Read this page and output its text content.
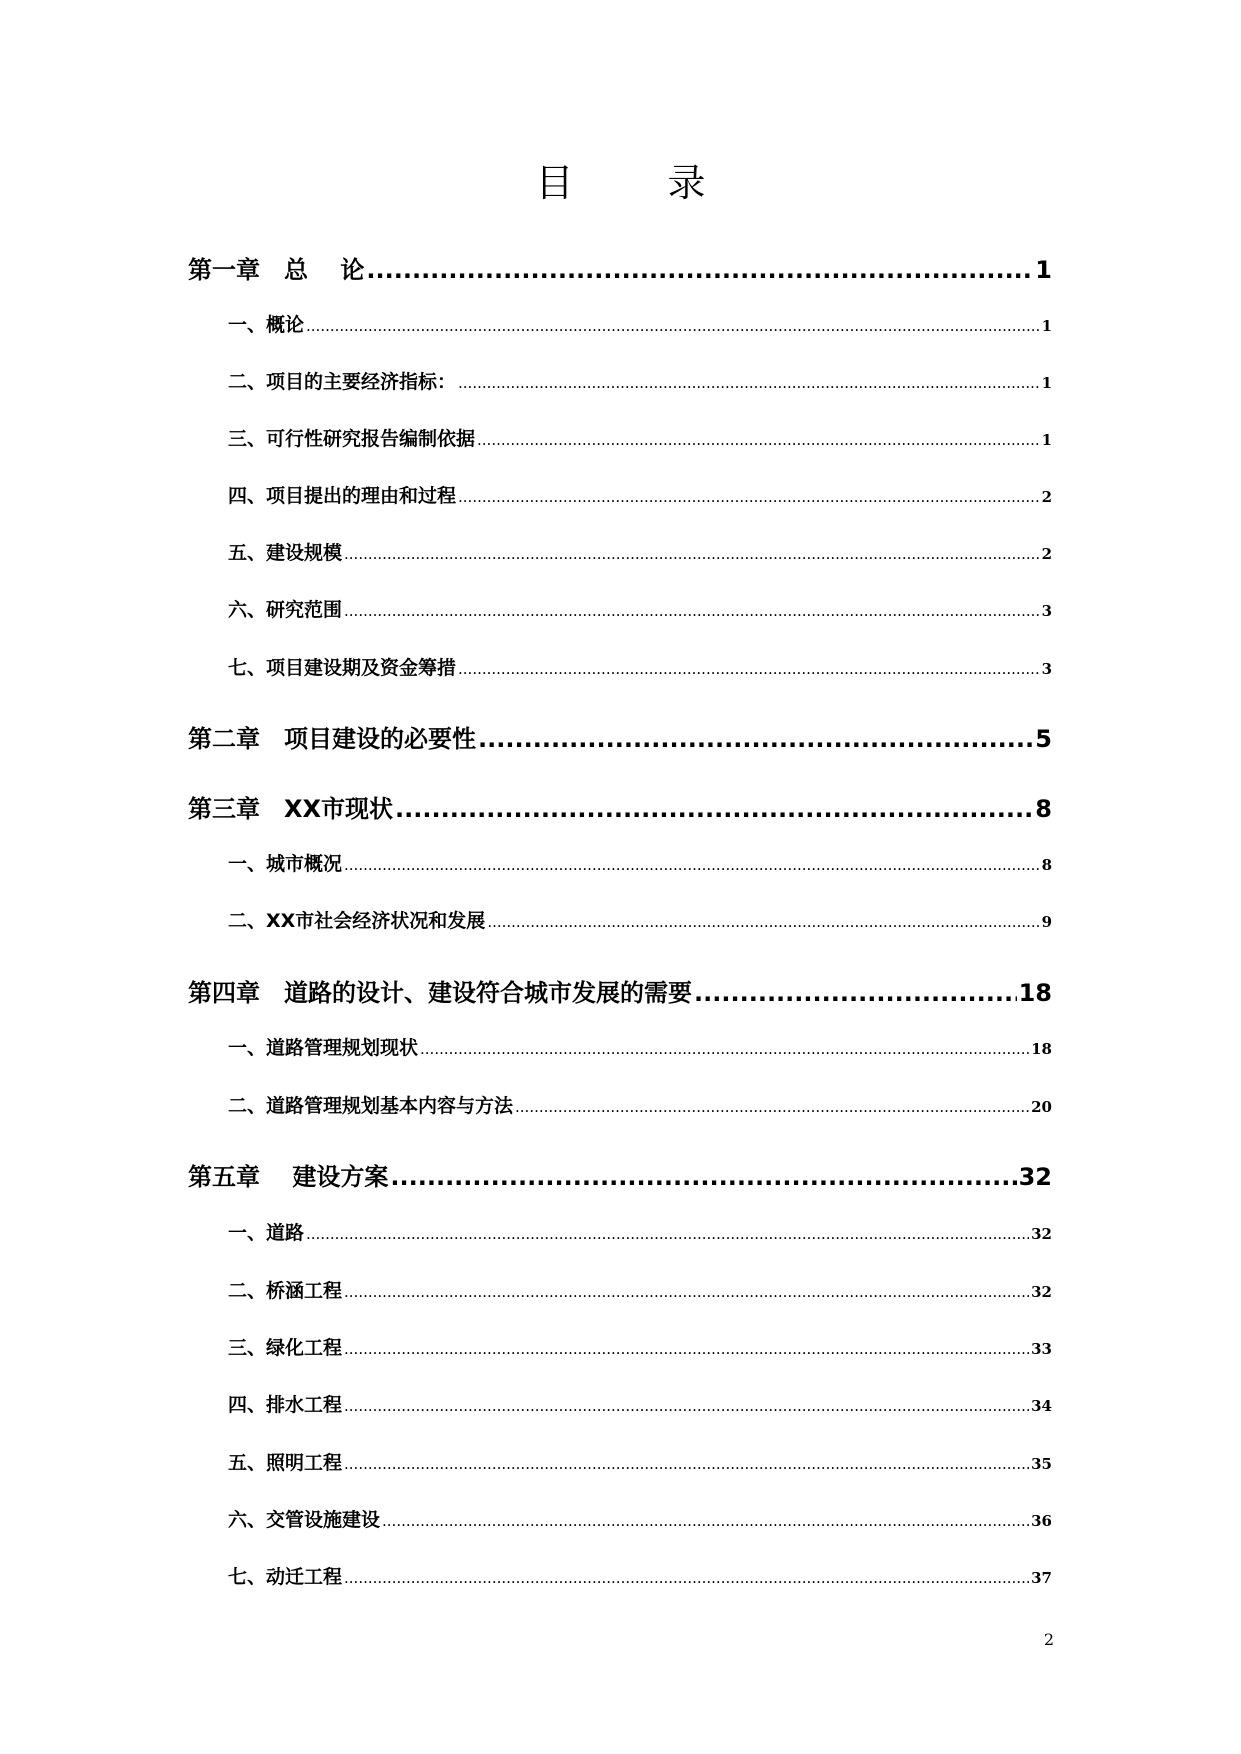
目　录
第一章　总　 论 .....	1
一、概论 .....	1
二、项目的主要经济指标： .....	1
三、可行性研究报告编制依据 .....	1
四、项目提出的理由和过程 .....	2
五、建设规模 .....	2
六、研究范围 .....	3
七、项目建设期及资金筹措 .....	3
第二章　项目建设的必要性 .....	5
第三章　XX市现状 .....	8
一、城市概况 .....	8
二、XX市社会经济状况和发展 .....	9
第四章　道路的设计、建设符合城市发展的需要 .....	18
一、道路管理规划现状 .....	18
二、道路管理规划基本内容与方法 .....	20
第五章　 建设方案 .....	32
一、道路 .....	32
二、桥涵工程 .....	32
三、绿化工程 .....	33
四、排水工程 .....	34
五、照明工程 .....	35
六、交管设施建设 .....	36
七、动迁工程 .....	37
2
